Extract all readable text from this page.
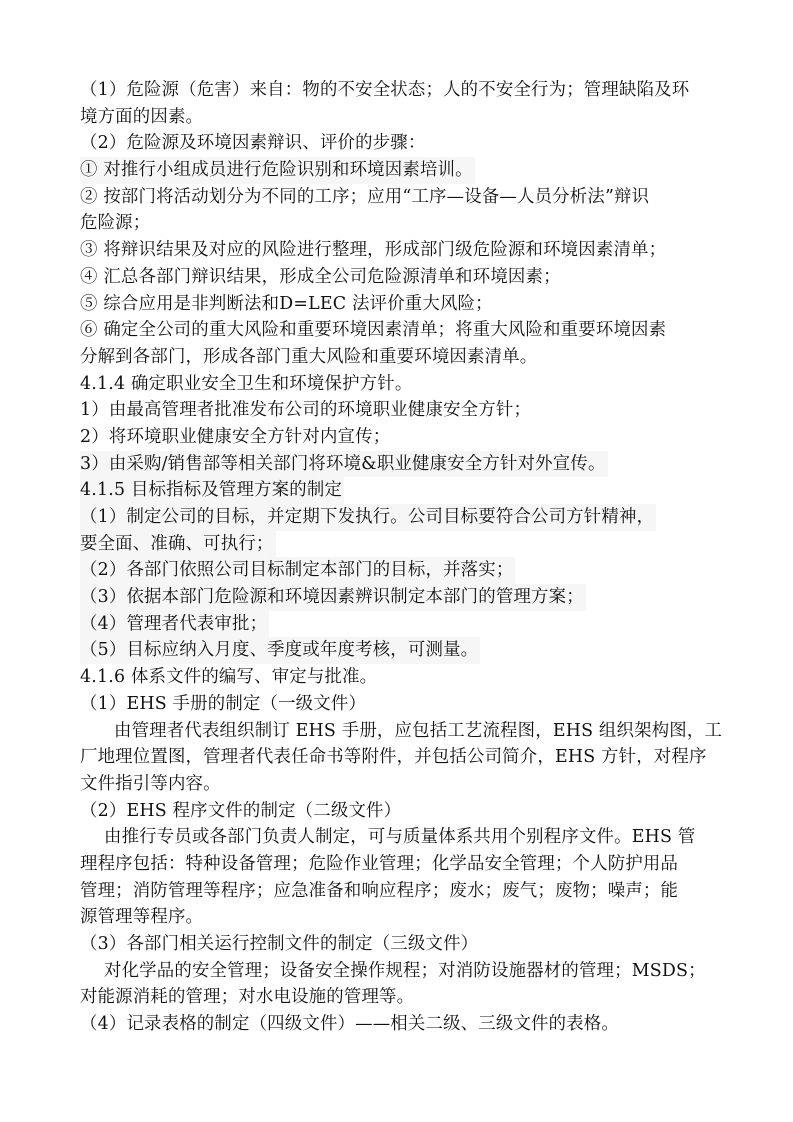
（1）危险源（危害）来自：物的不安全状态；人的不安全行为；管理缺陷及环
境方面的因素。
（2）危险源及环境因素辩识、评价的步骤：
① 对推行小组成员进行危险识别和环境因素培训。
② 按部门将活动划分为不同的工序；应用“工序—设备—人员分析法”辩识
危险源；
③ 将辩识结果及对应的风险进行整理，形成部门级危险源和环境因素清单；
④ 汇总各部门辩识结果，形成全公司危险源清单和环境因素；
⑤ 综合应用是非判断法和D=LEC 法评价重大风险；
⑥ 确定全公司的重大风险和重要环境因素清单；将重大风险和重要环境因素
分解到各部门，形成各部门重大风险和重要环境因素清单。
4.1.4 确定职业安全卫生和环境保护方针。
1）由最高管理者批准发布公司的环境职业健康安全方针；
2）将环境职业健康安全方针对内宣传；
3）由采购/销售部等相关部门将环境&职业健康安全方针对外宣传。
4.1.5 目标指标及管理方案的制定
（1）制定公司的目标，并定期下发执行。公司目标要符合公司方针精神，
要全面、准确、可执行；
（2）各部门依照公司目标制定本部门的目标，并落实；
（3）依据本部门危险源和环境因素辨识制定本部门的管理方案；
（4）管理者代表审批；
（5）目标应纳入月度、季度或年度考核，可测量。
4.1.6 体系文件的编写、审定与批准。
（1）EHS 手册的制定（一级文件）
由管理者代表组织制订 EHS 手册，应包括工艺流程图，EHS 组织架构图，工
厂地理位置图，管理者代表任命书等附件，并包括公司简介，EHS 方针，对程序
文件指引等内容。
（2）EHS 程序文件的制定（二级文件）
由推行专员或各部门负责人制定，可与质量体系共用个别程序文件。EHS 管
理程序包括：特种设备管理；危险作业管理；化学品安全管理；个人防护用品
管理；消防管理等程序；应急准备和响应程序；废水；废气；废物；噪声；能
源管理等程序。
（3）各部门相关运行控制文件的制定（三级文件）
对化学品的安全管理；设备安全操作规程；对消防设施器材的管理；MSDS；
对能源消耗的管理；对水电设施的管理等。
（4）记录表格的制定（四级文件）——相关二级、三级文件的表格。
